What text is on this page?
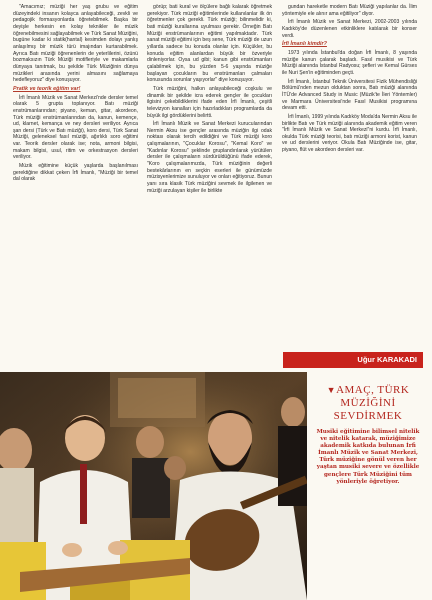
"Amacımız; müziği her yaş grubu ve eğitim düzeyindeki insanın kolayca anlayabileceği, zevkli ve pedagojik formasyonlarda öğretebilmek. Başka bir deyişle herkesin en kolay teknikler ile müzik öğrenebilmesini sağlayabilmek ve Türk Sanat Müziğini, bugüne kadar ki statik(hantal) kesimden dolayı yanlış anlaşılmış bir müzik türü imajından kurtarabilmek. Ayrıca Batı müziği öğrenenlerin de yeterlilerini, özünü bozmaksızın Türk Müziği motifleriyle ve makamlarla dünyaya tanıtmak, bu şekilde Türk Müziğinin dünya müzikleri arasında yerini almasını sağlamaya hedefleyoruz" diye konuşuyor.

Pratik ve teorik eğitim var!

İrfi İmanlı Müzik ve Sanat Merkezi'nde dersler temel olarak 5 grupta toplanıyor. Batı müziği enstrümanlarından; piyano, keman, gitar, akordeon, Türk müziği enstrümanlarından da, kanun, kemençe, ud, klarnet, kemança ve ney dersleri veriliyor. Ayrıca şan dersi (Türk ve Batı müziği), koro dersi, Türk Sanat Müziği, geleneksel fasıl müziği, ağırlıklı soro eğitimi var. Teorik dersler olarak ise; nota, armoni bilgisi, makam bilgisi, usul, ritim ve orkestrasyon dersleri veriliyor.

Müzik eğitimine küçük yaşlarda başlanılması gerektiğine dikkat çeken İrfi İmanlı, "Müziği bir temel dal olarak

görüp; bati kural ve ölçülere bağlı kalarak öğretmek gerekiyor. Türk müziği eğitimlerinde kullanılanlar ilk ön öğretmenler çok gerekli. Türk müziği; bilinmelidir ki, bati müziği kurallarına uyulması gerekir. Örneğin Batı Müziği enstrümanlarının eğitimi yapılmaktadır. Türk sanat müziği eğitimi için beş sene, Türk müziği de uzun yıllarda sadece bu konuda olanlar için. Küçükler, bu konuda eğitim alanlardan büyük bir özveriyle dinleniyorlar. Oysa ud gibi; kanun gibi enstrümanları çalabilmek için, bu yüzden 5-6 yaşında müziğe başlayan çocukların bu enstrümanları çalmaları konusunda sorunlar yaşıyorlar" diye konuşuyor.

Türk müziğini, halkın anlayabileceği coşkulu ve dinamik bir şekilde icra ederek gençler ile çocukları ilgisini çekebildiklerini ifade eden İrfi İmanlı, çeşitli televizyon kanalları için hazırladıkları programlarda da büyük ilgi gördüklerini belirtti.

İrfi İmanlı Müzik ve Sanat Merkezi kurucularından Nermin Aksu ise gençler arasında müziğin ilgi odak noktası olarak tercih edildiğini ve Türk müziği koro çalışmalarının, "Çocuklar Korosu", "Kemal Koro" ve "Kadınlar Korosu" şeklinde gruplandırılarak yürütülen dersler ile çalışmaların sürdürüldüğünü ifade ederek, "Koro çalışmalarımızda, Türk müziğinin değerli bestekârlarının en seçkin eserleri ile günümüzde müzisyenlerimize sunuluyor ve onları eğitiyoruz. Bunun yanı sıra klasik Türk müziğini sevmek ile ilgilenen ve müziği arzulayan kişiler ile birlikte

gundan hareketle modern Batı Müziği yapılanlar da. İlim yöntemiyle ele alınır ama eğitiliyor" diyor.

İrfi İmanlı Müzik ve Sanat Merkezi, 2002-2003 yılında Kadıköy'de düzenlenen etkinliklere katılarak bir konser verdi.

İrfi İmanlı kimdir?

1973 yılında İstanbul'da doğan İrfi İmanlı, 8 yaşında müziğe kanun çalarak başladı. Fasıl musikisi ve Türk Müziği alanında İstanbul Radyosu; şefleri ve Kemal Gürses ile Nuri Şen'in eğitiminden geçti.

İrfi İmanlı, İstanbul Teknik Üniversitesi Fizik Mühendisliği Bölümü'nden mezun olduktan sonra, Batı müziği alanında İTÜ'de Advanced Study in Music (Müzik'te İleri Yöntemler) ve Marmara Üniversitesi'nde Fasıl Musikisi programına devam etti.

İrfi İmanlı, 1999 yılında Kadıköy Moda'da Nermin Aksu ile birlikte Batı ve Türk müziği alanında akademik eğitim veren "İrfi İmanlı Müzik ve Sanat Merkezi"ni kurdu. İrfi İmanlı, okulda Türk müziği teorisi, batı müziği armoni korist, kanun ve ud derslerini veriyor. Okula Batı Müziğinde ise, gitar, piyano, flüt ve akordeon dersleri var.

Uğur KARAKADI
▼AMAÇ, TÜRK MÜZİĞİNİ SEVDİRMEK
Musiki eğitimine bilimsel nitelik ve nitelik katarak, müziğimize akademik katkıda bulunan İrfi İmanlı Müzik ve Sanat Merkezi, Türk müziğine gönül veren her yaştan musiki severe ve özellikle gençlere Türk Müziğini tüm yönleriyle öğretiyor.
